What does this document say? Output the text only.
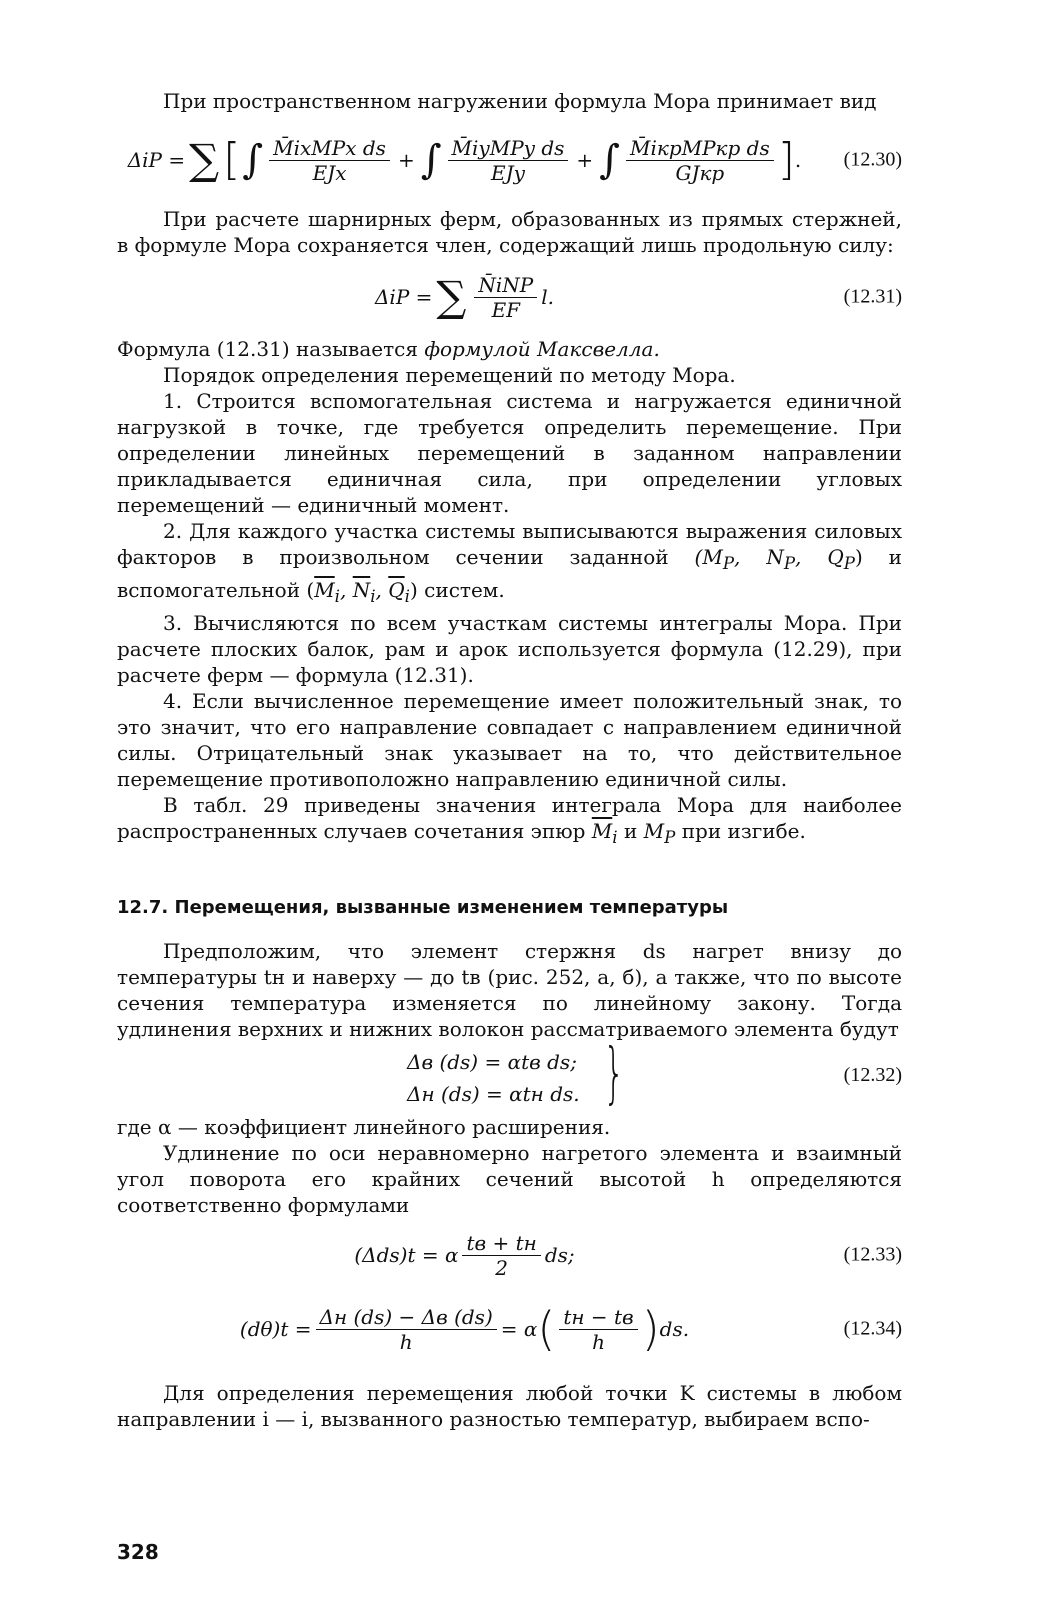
При пространственном нагружении формула Мора принимает вид

ΔiP = ∑ [ ∫ $\frac{\text{M̄ixMPx ds}}{\text{EJx}}$ + ∫ $\frac{\text{M̄iyMPy ds}}{\text{EJy}}$ + ∫ $\frac{\text{M̄iкрMPкр ds}}{\text{GJкр}}$ ] . (12.30)

При расчете шарнирных ферм, образованных из прямых стержней, в формуле Мора сохраняется член, содержащий лишь продольную силу:

ΔiP = ∑ $\frac{\text{N̄iNP}}{EF} l$.	(12.31)

Формула (12.31) называется формулой Максвелла.

Порядок определения перемещений по методу Мора.

1. Строится вспомогательная система и нагружается единичной нагрузкой в точке, где требуется определить перемещение. При определении линейных перемещений в заданном направлении прикладывается единичная сила, при определении угловых перемещений — единичный момент.

2. Для каждого участка системы выписываются выражения силовых факторов в произвольном сечении заданной ($M_P$, $N_P$, $Q_P$) и вспомогательной ($\overline{M}_i$, $\overline{N}_i$, $\overline{Q}_i$) систем.

3. Вычисляются по всем участкам системы интегралы Мора. При расчете плоских балок, рам и арок используется формула (12.29), при расчете ферм — формула (12.31).

4. Если вычисленное перемещение имеет положительный знак, то это значит, что его направление совпадает с направлением единичной силы. Отрицательный знак указывает на то, что действительное перемещение противоположно направлению единичной силы.

В табл. 29 приведены значения интеграла Мора для наиболее распространенных случаев сочетания эпюр $\overline{M}_i$ и $M_P$ при изгибе.

12.7. Перемещения, вызванные изменением температуры

Предположим, что элемент стержня ds нагрет внизу до температуры tн и наверху — до tв (рис. 252, а, б), а также, что по высоте сечения температура изменяется по линейному закону. Тогда удлинения верхних и нижних волокон рассматриваемого элемента будут

Δв (ds) = αtв ds;
Δн (ds) = αtн ds. }	(12.32)

где α — коэффициент линейного расширения.

Удлинение по оси неравномерно нагретого элемента и взаимный угол поворота его крайних сечений высотой h определяются соответственно формулами

(Δds)t = α $\frac{tв + tн}{2}$ ds;	(12.33)
$(d\theta)t = \frac{\Delta н (ds) - \Delta в (ds)}{h} = \alpha$ ( $\frac{tн - tв}{h}$ ) ds.	(12.34)

Для определения перемещения любой точки K системы в любом направлении i — i, вызванного разностью температур, выбираем вспо-

328
